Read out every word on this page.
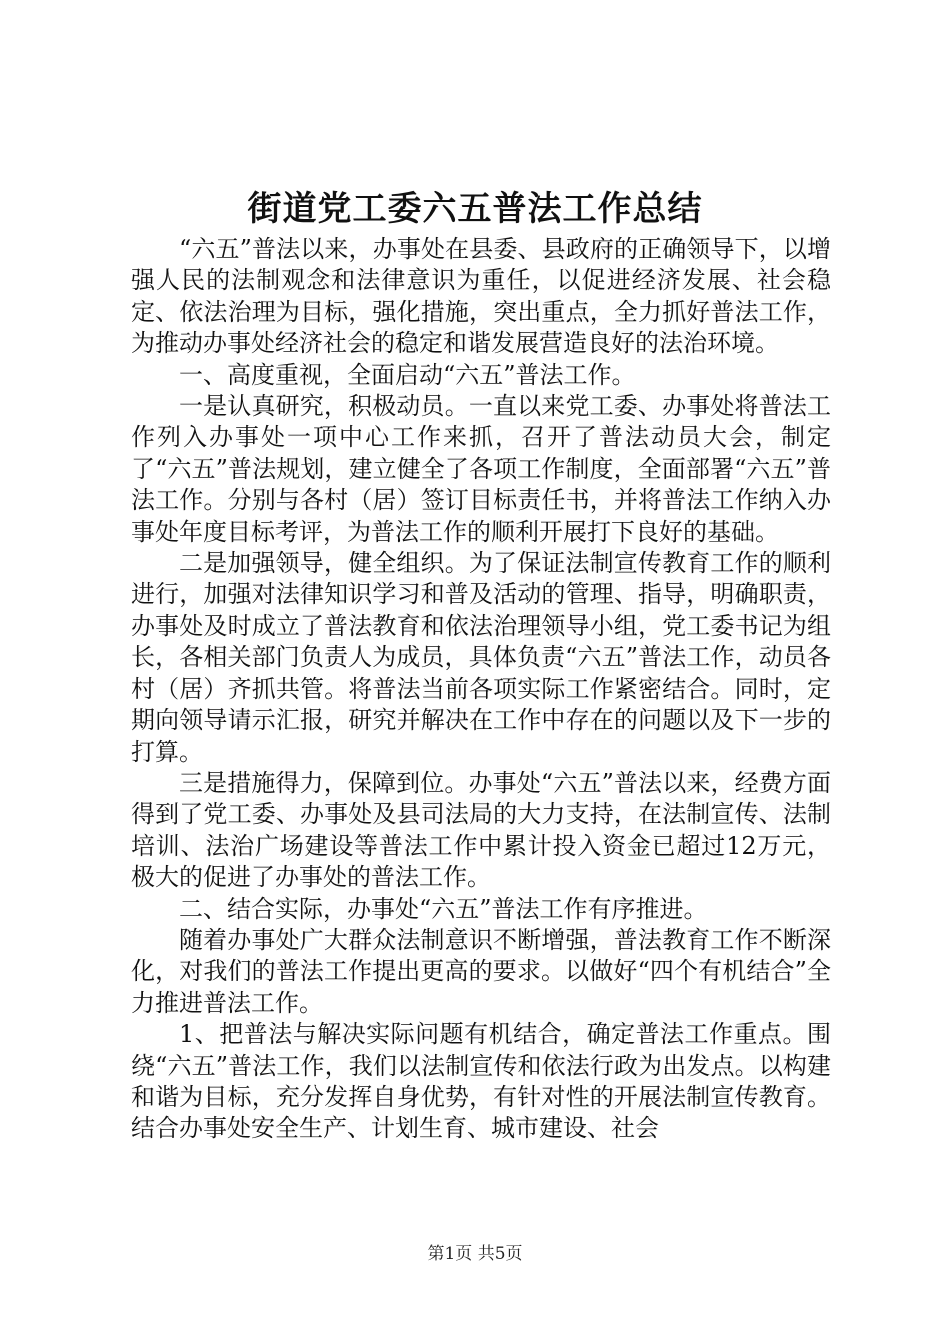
街道党工委六五普法工作总结

“六五”普法以来，办事处在县委、县政府的正确领导下，以增强人民的法制观念和法律意识为重任，以促进经济发展、社会稳定、依法治理为目标，强化措施，突出重点，全力抓好普法工作，为推动办事处经济社会的稳定和谐发展营造良好的法治环境。

一、高度重视，全面启动“六五”普法工作。

一是认真研究，积极动员。一直以来党工委、办事处将普法工作列入办事处一项中心工作来抓，召开了普法动员大会，制定了“六五”普法规划，建立健全了各项工作制度，全面部署“六五”普法工作。分别与各村（居）签订目标责任书，并将普法工作纳入办事处年度目标考评，为普法工作的顺利开展打下良好的基础。

二是加强领导，健全组织。为了保证法制宣传教育工作的顺利进行，加强对法律知识学习和普及活动的管理、指导，明确职责，办事处及时成立了普法教育和依法治理领导小组，党工委书记为组长，各相关部门负责人为成员，具体负责“六五”普法工作，动员各村（居）齐抓共管。将普法当前各项实际工作紧密结合。同时，定期向领导请示汇报，研究并解决在工作中存在的问题以及下一步的打算。

三是措施得力，保障到位。办事处“六五”普法以来，经费方面得到了党工委、办事处及县司法局的大力支持，在法制宣传、法制培训、法治广场建设等普法工作中累计投入资金已超过12万元，极大的促进了办事处的普法工作。

二、结合实际，办事处“六五”普法工作有序推进。

随着办事处广大群众法制意识不断增强，普法教育工作不断深化，对我们的普法工作提出更高的要求。以做好“四个有机结合”全力推进普法工作。

1、把普法与解决实际问题有机结合，确定普法工作重点。围绕“六五”普法工作，我们以法制宣传和依法行政为出发点。以构建和谐为目标，充分发挥自身优势，有针对性的开展法制宣传教育。结合办事处安全生产、计划生育、城市建设、社会

第1页 共5页
